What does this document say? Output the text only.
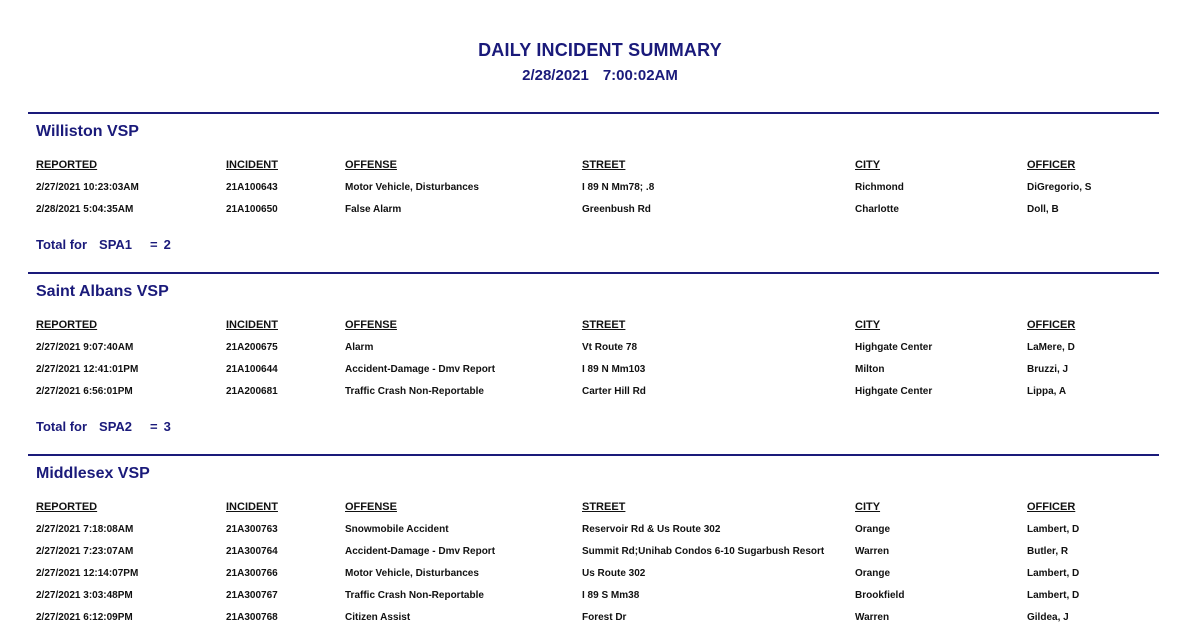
DAILY INCIDENT SUMMARY
2/28/2021 7:00:02AM
Williston VSP
REPORTED	INCIDENT	OFFENSE	STREET	CITY	OFFICER
2/27/2021 10:23:03AM	21A100643	Motor Vehicle, Disturbances	I 89 N Mm78; .8	Richmond	DiGregorio, S
2/28/2021 5:04:35AM	21A100650	False Alarm	Greenbush Rd	Charlotte	Doll, B
Total for SPA1 = 2
Saint Albans VSP
REPORTED	INCIDENT	OFFENSE	STREET	CITY	OFFICER
2/27/2021 9:07:40AM	21A200675	Alarm	Vt Route 78	Highgate Center	LaMere, D
2/27/2021 12:41:01PM	21A100644	Accident-Damage - Dmv Report	I 89 N Mm103	Milton	Bruzzi, J
2/27/2021 6:56:01PM	21A200681	Traffic Crash Non-Reportable	Carter Hill Rd	Highgate Center	Lippa, A
Total for SPA2 = 3
Middlesex VSP
REPORTED	INCIDENT	OFFENSE	STREET	CITY	OFFICER
2/27/2021 7:18:08AM	21A300763	Snowmobile Accident	Reservoir Rd & Us Route 302	Orange	Lambert, D
2/27/2021 7:23:07AM	21A300764	Accident-Damage - Dmv Report	Summit Rd;Unihab Condos 6-10 Sugarbush Resort	Warren	Butler, R
2/27/2021 12:14:07PM	21A300766	Motor Vehicle, Disturbances	Us Route 302	Orange	Lambert, D
2/27/2021 3:03:48PM	21A300767	Traffic Crash Non-Reportable	I 89 S Mm38	Brookfield	Lambert, D
2/27/2021 6:12:09PM	21A300768	Citizen Assist	Forest Dr	Warren	Gildea, J
